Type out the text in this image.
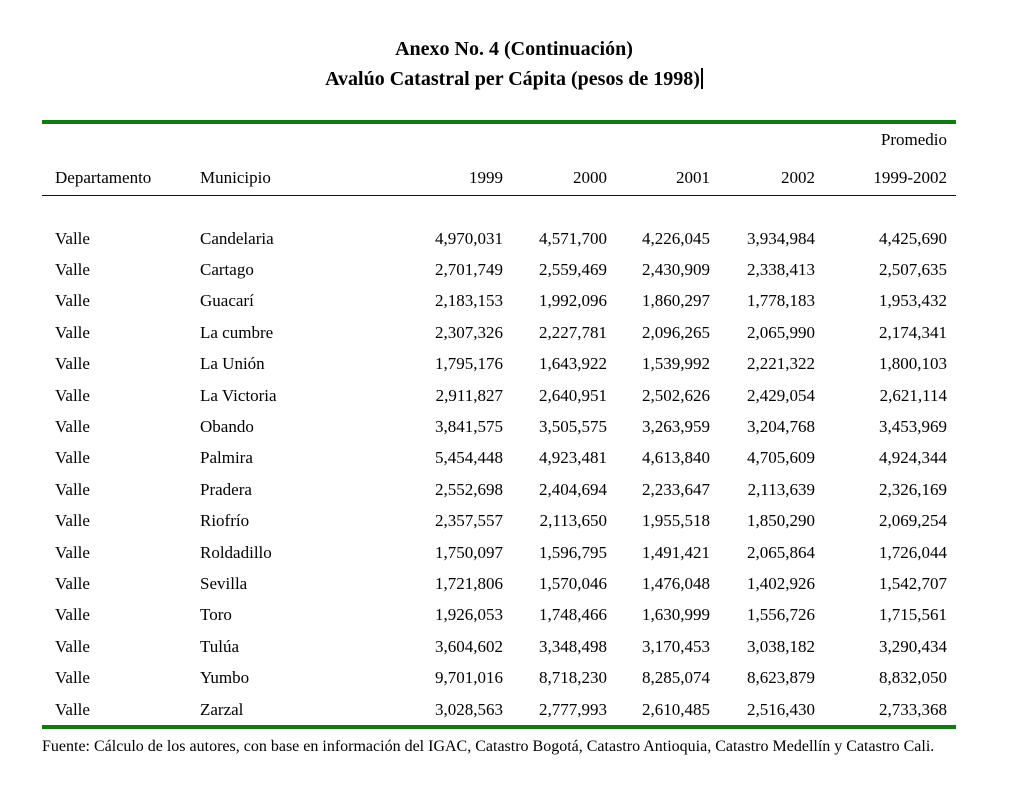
Anexo No. 4 (Continuación)
Avalúo Catastral per Cápita (pesos de 1998)
						Promedio
Departamento	Municipio	1999	2000	2001	2002	1999-2002

Valle	Candelaria	4,970,031	4,571,700	4,226,045	3,934,984	4,425,690
Valle	Cartago	2,701,749	2,559,469	2,430,909	2,338,413	2,507,635
Valle	Guacarí	2,183,153	1,992,096	1,860,297	1,778,183	1,953,432
Valle	La cumbre	2,307,326	2,227,781	2,096,265	2,065,990	2,174,341
Valle	La Unión	1,795,176	1,643,922	1,539,992	2,221,322	1,800,103
Valle	La Victoria	2,911,827	2,640,951	2,502,626	2,429,054	2,621,114
Valle	Obando	3,841,575	3,505,575	3,263,959	3,204,768	3,453,969
Valle	Palmira	5,454,448	4,923,481	4,613,840	4,705,609	4,924,344
Valle	Pradera	2,552,698	2,404,694	2,233,647	2,113,639	2,326,169
Valle	Riofrío	2,357,557	2,113,650	1,955,518	1,850,290	2,069,254
Valle	Roldadillo	1,750,097	1,596,795	1,491,421	2,065,864	1,726,044
Valle	Sevilla	1,721,806	1,570,046	1,476,048	1,402,926	1,542,707
Valle	Toro	1,926,053	1,748,466	1,630,999	1,556,726	1,715,561
Valle	Tulúa	3,604,602	3,348,498	3,170,453	3,038,182	3,290,434
Valle	Yumbo	9,701,016	8,718,230	8,285,074	8,623,879	8,832,050
Valle	Zarzal	3,028,563	2,777,993	2,610,485	2,516,430	2,733,368

Fuente: Cálculo de los autores, con base en información del IGAC, Catastro Bogotá, Catastro Antioquia, Catastro Medellín y Catastro Cali.
